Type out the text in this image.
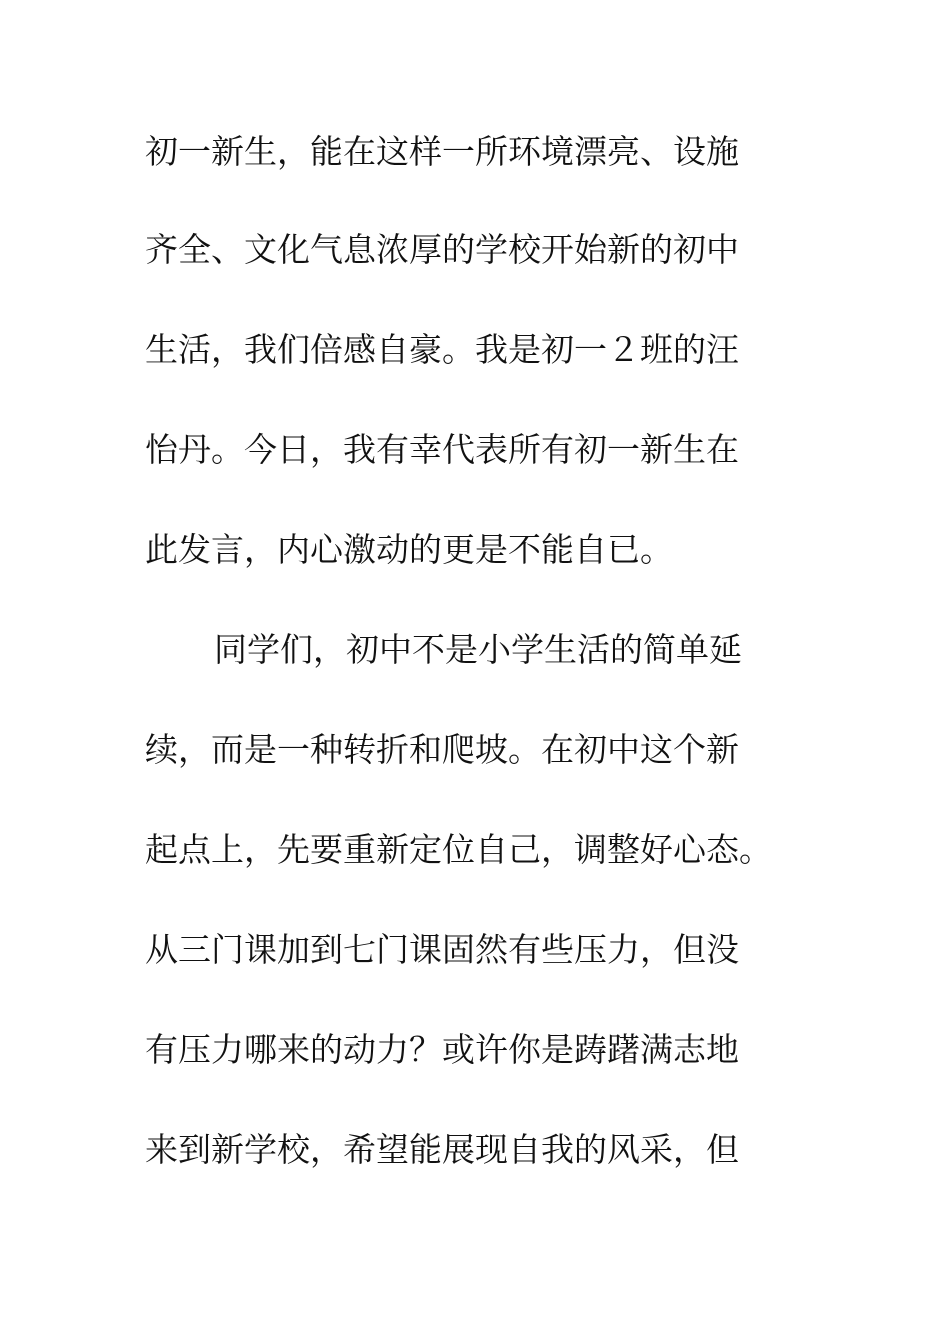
初一新生，能在这样一所环境漂亮、设施
齐全、文化气息浓厚的学校开始新的初中
生活，我们倍感自豪。我是初一２班的汪
怡丹。今日，我有幸代表所有初一新生在
此发言，内心激动的更是不能自已。
同学们，初中不是小学生活的简单延
续，而是一种转折和爬坡。在初中这个新
起点上，先要重新定位自己，调整好心态。
从三门课加到七门课固然有些压力，但没
有压力哪来的动力？或许你是踌躇满志地
来到新学校，希望能展现自我的风采，但
